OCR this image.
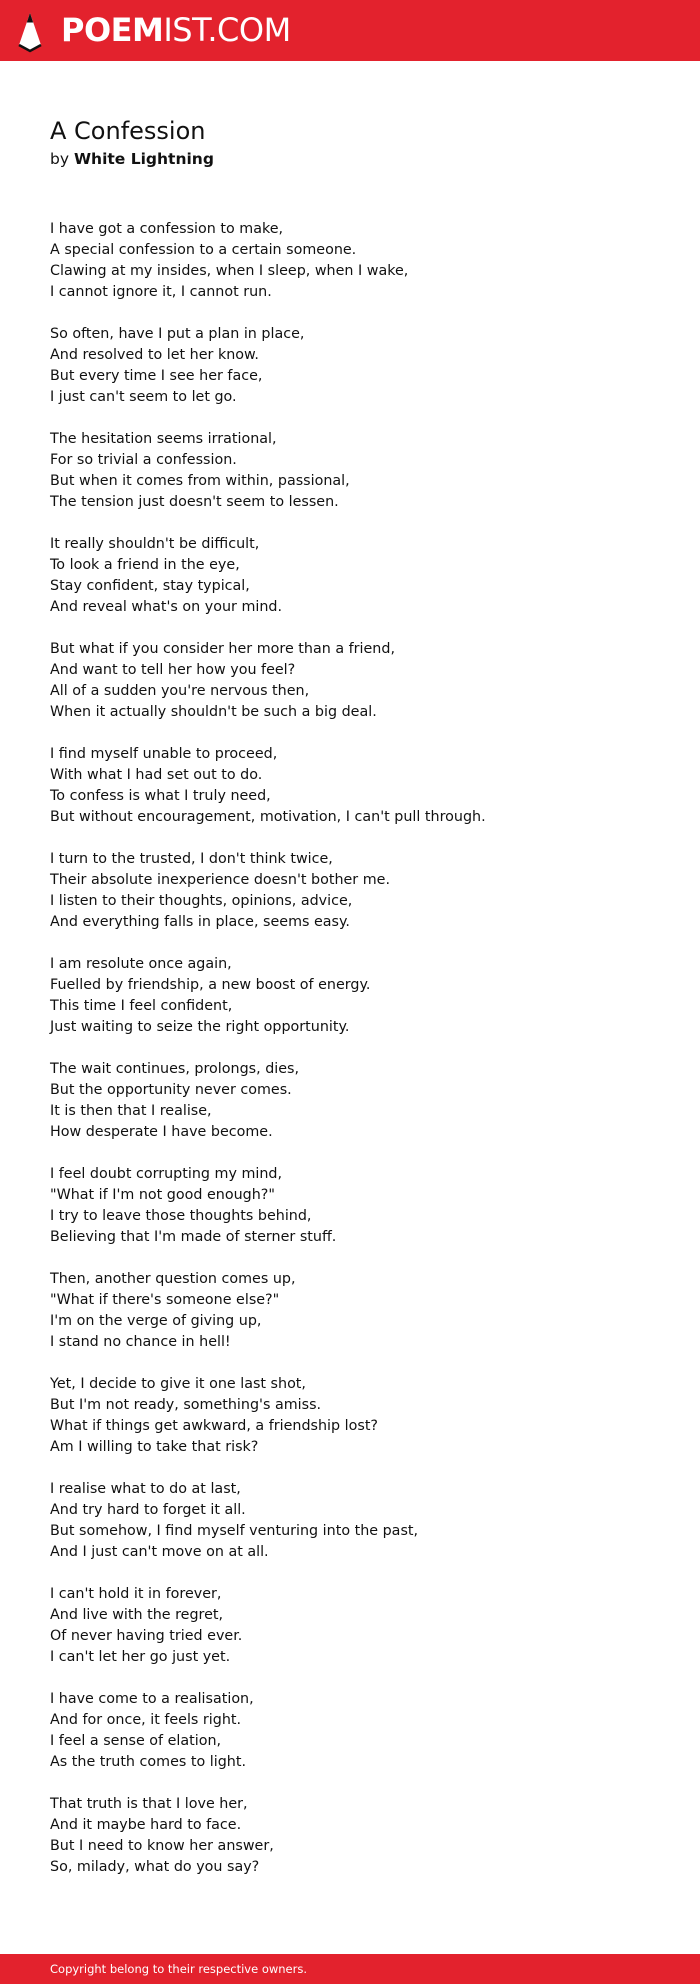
POEMIST.COM
A Confession
by White Lightning
I have got a confession to make,
A special confession to a certain someone.
Clawing at my insides, when I sleep, when I wake,
I cannot ignore it, I cannot run.
So often, have I put a plan in place,
And resolved to let her know.
But every time I see her face,
I just can't seem to let go.
The hesitation seems irrational,
For so trivial a confession.
But when it comes from within, passional,
The tension just doesn't seem to lessen.
It really shouldn't be difficult,
To look a friend in the eye,
Stay confident, stay typical,
And reveal what's on your mind.
But what if you consider her more than a friend,
And want to tell her how you feel?
All of a sudden you're nervous then,
When it actually shouldn't be such a big deal.
I find myself unable to proceed,
With what I had set out to do.
To confess is what I truly need,
But without encouragement, motivation, I can't pull through.
I turn to the trusted, I don't think twice,
Their absolute inexperience doesn't bother me.
I listen to their thoughts, opinions, advice,
And everything falls in place, seems easy.
I am resolute once again,
Fuelled by friendship, a new boost of energy.
This time I feel confident,
Just waiting to seize the right opportunity.
The wait continues, prolongs, dies,
But the opportunity never comes.
It is then that I realise,
How desperate I have become.
I feel doubt corrupting my mind,
"What if I'm not good enough?"
I try to leave those thoughts behind,
Believing that I'm made of sterner stuff.
Then, another question comes up,
"What if there's someone else?"
I'm on the verge of giving up,
I stand no chance in hell!
Yet, I decide to give it one last shot,
But I'm not ready, something's amiss.
What if things get awkward, a friendship lost?
Am I willing to take that risk?
I realise what to do at last,
And try hard to forget it all.
But somehow, I find myself venturing into the past,
And I just can't move on at all.
I can't hold it in forever,
And live with the regret,
Of never having tried ever.
I can't let her go just yet.
I have come to a realisation,
And for once, it feels right.
I feel a sense of elation,
As the truth comes to light.
That truth is that I love her,
And it maybe hard to face.
But I need to know her answer,
So, milady, what do you say?
Copyright belong to their respective owners.
